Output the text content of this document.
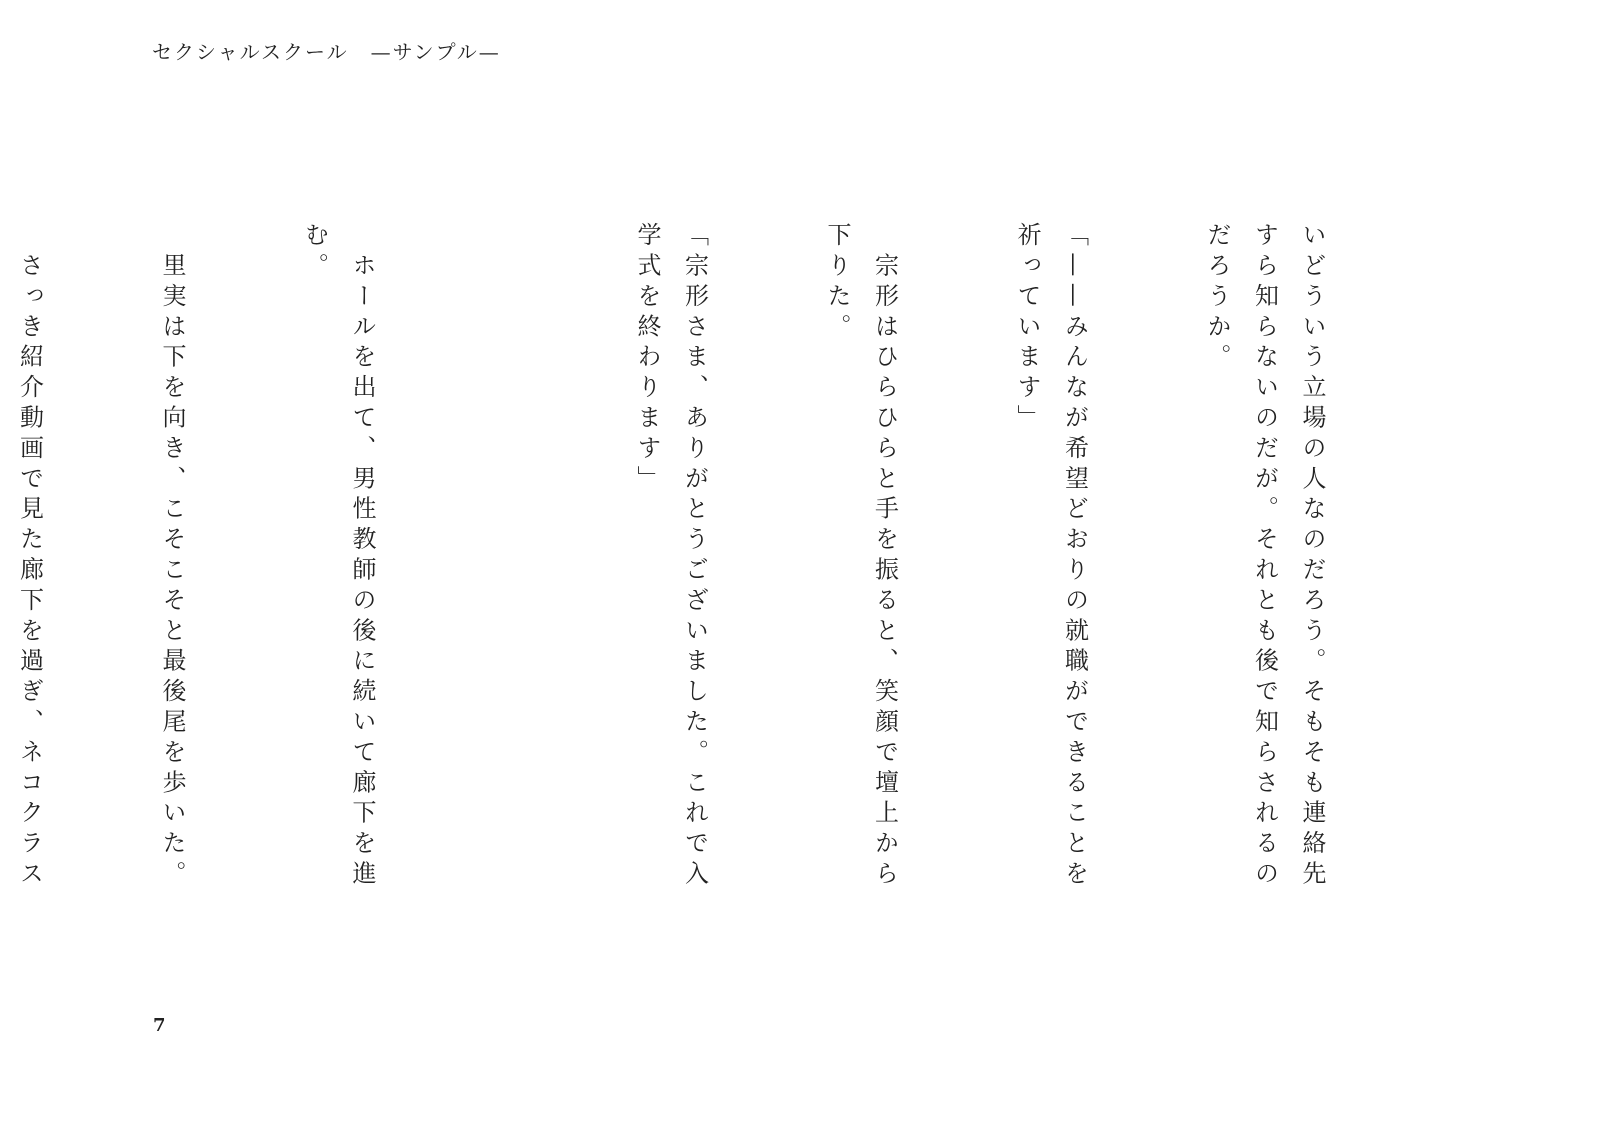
セクシャルスクール　—サンプル—

いどういう立場の人なのだろう。そもそも連絡先すら知らないのだが。それとも後で知らされるのだろうか。

「——みんなが希望どおりの就職ができることを祈っています」

　宗形はひらひらと手を振ると、笑顔で壇上から下りた。

「宗形さま、ありがとうございました。これで入学式を終わります」

　ホールを出て、男性教師の後に続いて廊下を進む。

　里実は下を向き、こそこそと最後尾を歩いた。

　さっき紹介動画で見た廊下を過ぎ、ネコクラス

7
